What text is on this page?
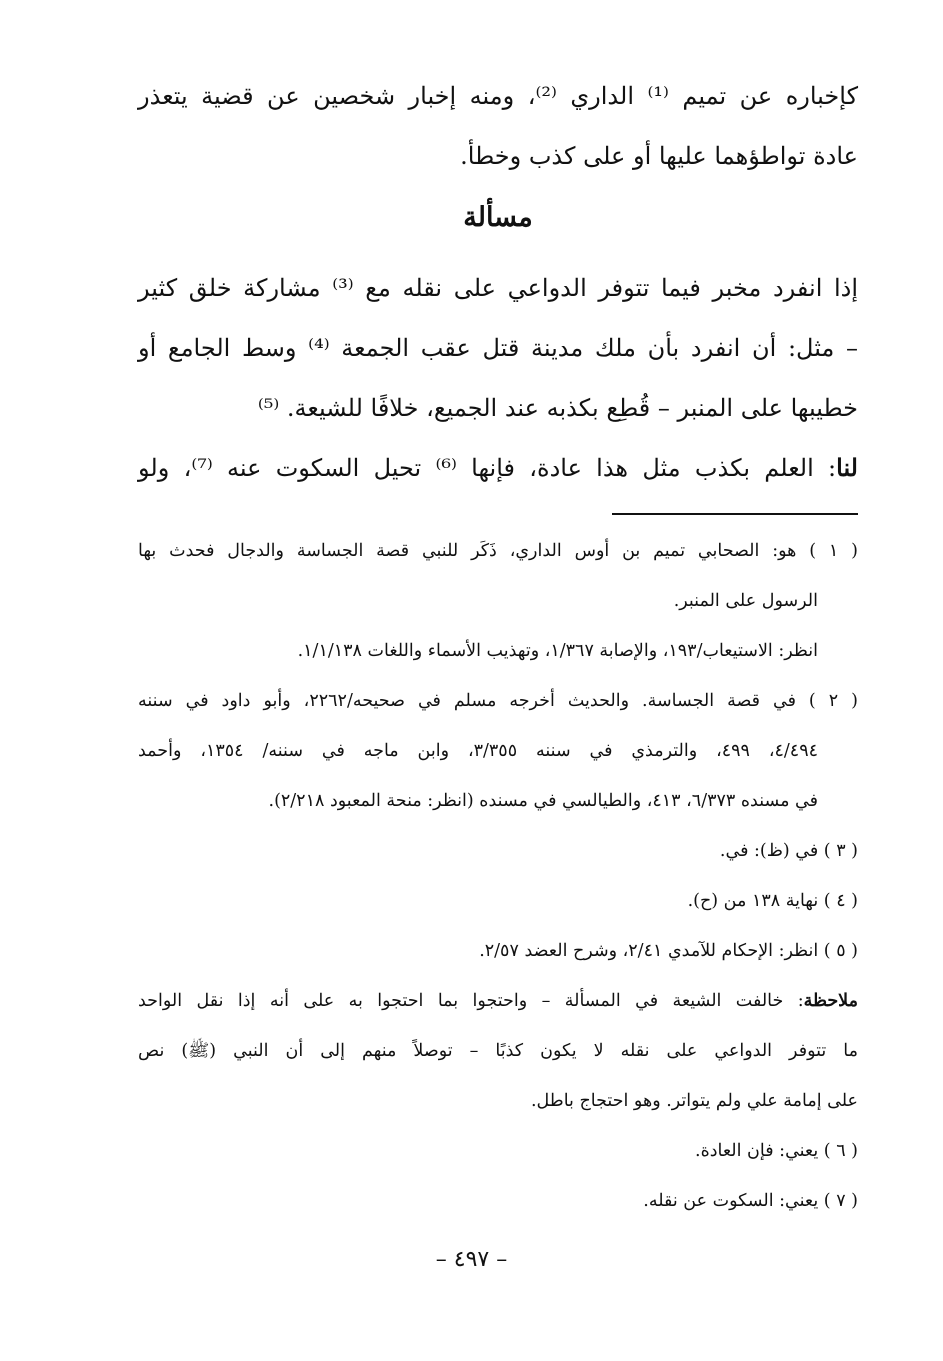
كإخباره عن تميم ⁽¹⁾ الداري ⁽²⁾، ومنه إخبار شخصين عن قضية يتعذر
عادة تواطؤهما عليها أو على كذب وخطأ.
مسألة
إذا انفرد مخبر فيما تتوفر الدواعي على نقله مع ⁽³⁾ مشاركة خلق كثير
– مثل: أن انفرد بأن ملك مدينة قتل عقب الجمعة ⁽⁴⁾ وسط الجامع أو
خطيبها على المنبر – قُطِع بكذبه عند الجميع، خلافًا للشيعة. ⁽⁵⁾
لنا: العلم بكذب مثل هذا عادة، فإنها ⁽⁶⁾ تحيل السكوت عنه ⁽⁷⁾، ولو
( ١ ) هو: الصحابي تميم بن أوس الداري، ذَكَر للنبي قصة الجساسة والدجال فحدث بها
الرسول على المنبر.
انظر: الاستيعاب/١٩٣، والإصابة ١/٣٦٧، وتهذيب الأسماء واللغات ١/١/١٣٨.
( ٢ ) في قصة الجساسة. والحديث أخرجه مسلم في صحيحه/٢٢٦٢، وأبو داود في سننه
٤/٤٩٤، ٤٩٩، والترمذي في سننه ٣/٣٥٥، وابن ماجه في سننه/ ١٣٥٤، وأحمد
في مسنده ٦/٣٧٣، ٤١٣، والطيالسي في مسنده (انظر: منحة المعبود ٢/٢١٨).
( ٣ ) في (ظ): في.
( ٤ ) نهاية ١٣٨ من (ح).
( ٥ ) انظر: الإحكام للآمدي ٢/٤١، وشرح العضد ٢/٥٧.
ملاحظة: خالفت الشيعة في المسألة – واحتجوا بما احتجوا به على أنه إذا نقل الواحد
ما تتوفر الدواعي على نقله لا يكون كذبًا – توصلاً منهم إلى أن النبي (ﷺ) نص
على إمامة علي ولم يتواتر. وهو احتجاج باطل.
( ٦ ) يعني: فإن العادة.
( ٧ ) يعني: السكوت عن نقله.
– ٤٩٧ –
